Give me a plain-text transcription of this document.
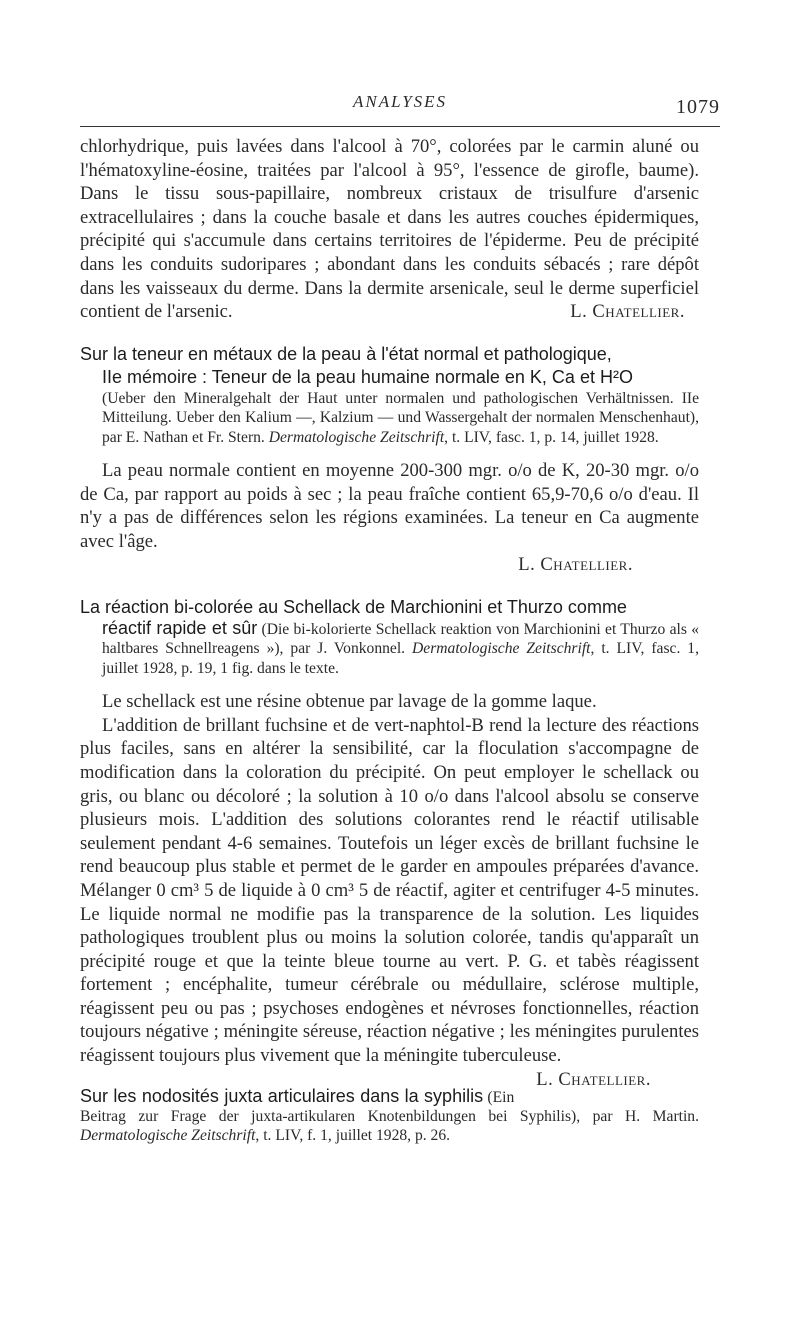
ANALYSES	1079

chlorhydrique, puis lavées dans l'alcool à 70°, colorées par le carmin aluné ou l'hématoxyline-éosine, traitées par l'alcool à 95°, l'essence de girofle, baume). Dans le tissu sous-papillaire, nombreux cristaux de trisulfure d'arsenic extracellulaires ; dans la couche basale et dans les autres couches épidermiques, précipité qui s'accumule dans certains territoires de l'épiderme. Peu de précipité dans les conduits sudoripares ; abondant dans les conduits sébacés ; rare dépôt dans les vaisseaux du derme. Dans la dermite arsenicale, seul le derme superficiel contient de l'arsenic.	L. Chatellier.

Sur la teneur en métaux de la peau à l'état normal et pathologique,

IIe mémoire : Teneur de la peau humaine normale en K, Ca et H²O

(Ueber den Mineralgehalt der Haut unter normalen und pathologischen Verhältnissen. IIe Mitteilung. Ueber den Kalium —, Kalzium — und Wassergehalt der normalen Menschenhaut), par E. Nathan et Fr. Stern. Dermatologische Zeitschrift, t. LIV, fasc. 1, p. 14, juillet 1928.

La peau normale contient en moyenne 200-300 mgr. o/o de K, 20-30 mgr. o/o de Ca, par rapport au poids à sec ; la peau fraîche contient 65,9-70,6 o/o d'eau. Il n'y a pas de différences selon les régions examinées. La teneur en Ca augmente avec l'âge.

L. Chatellier.

La réaction bi-colorée au Schellack de Marchionini et Thurzo comme

réactif rapide et sûr (Die bi-kolorierte Schellack reaktion von Marchionini et Thurzo als « haltbares Schnellreagens »), par J. Vonkonnel. Dermatologische Zeitschrift, t. LIV, fasc. 1, juillet 1928, p. 19, 1 fig. dans le texte.

Le schellack est une résine obtenue par lavage de la gomme laque.

L'addition de brillant fuchsine et de vert-naphtol-B rend la lecture des réactions plus faciles, sans en altérer la sensibilité, car la floculation s'accompagne de modification dans la coloration du précipité. On peut employer le schellack ou gris, ou blanc ou décoloré ; la solution à 10 o/o dans l'alcool absolu se conserve plusieurs mois. L'addition des solutions colorantes rend le réactif utilisable seulement pendant 4-6 semaines. Toutefois un léger excès de brillant fuchsine le rend beaucoup plus stable et permet de le garder en ampoules préparées d'avance. Mélanger 0 cm³ 5 de liquide à 0 cm³ 5 de réactif, agiter et centrifuger 4-5 minutes. Le liquide normal ne modifie pas la transparence de la solution. Les liquides pathologiques troublent plus ou moins la solution colorée, tandis qu'apparaît un précipité rouge et que la teinte bleue tourne au vert. P. G. et tabès réagissent fortement ; encéphalite, tumeur cérébrale ou médullaire, sclérose multiple, réagissent peu ou pas ; psychoses endogènes et névroses fonctionnelles, réaction toujours négative ; méningite séreuse, réaction négative ; les méningites purulentes réagissent toujours plus vivement que la méningite tuberculeuse.
L. Chatellier.

Sur les nodosités juxta articulaires dans la syphilis (Ein Beitrag zur Frage der juxta-artikularen Knotenbildungen bei Syphilis), par H. Martin. Dermatologische Zeitschrift, t. LIV, f. 1, juillet 1928, p. 26.
